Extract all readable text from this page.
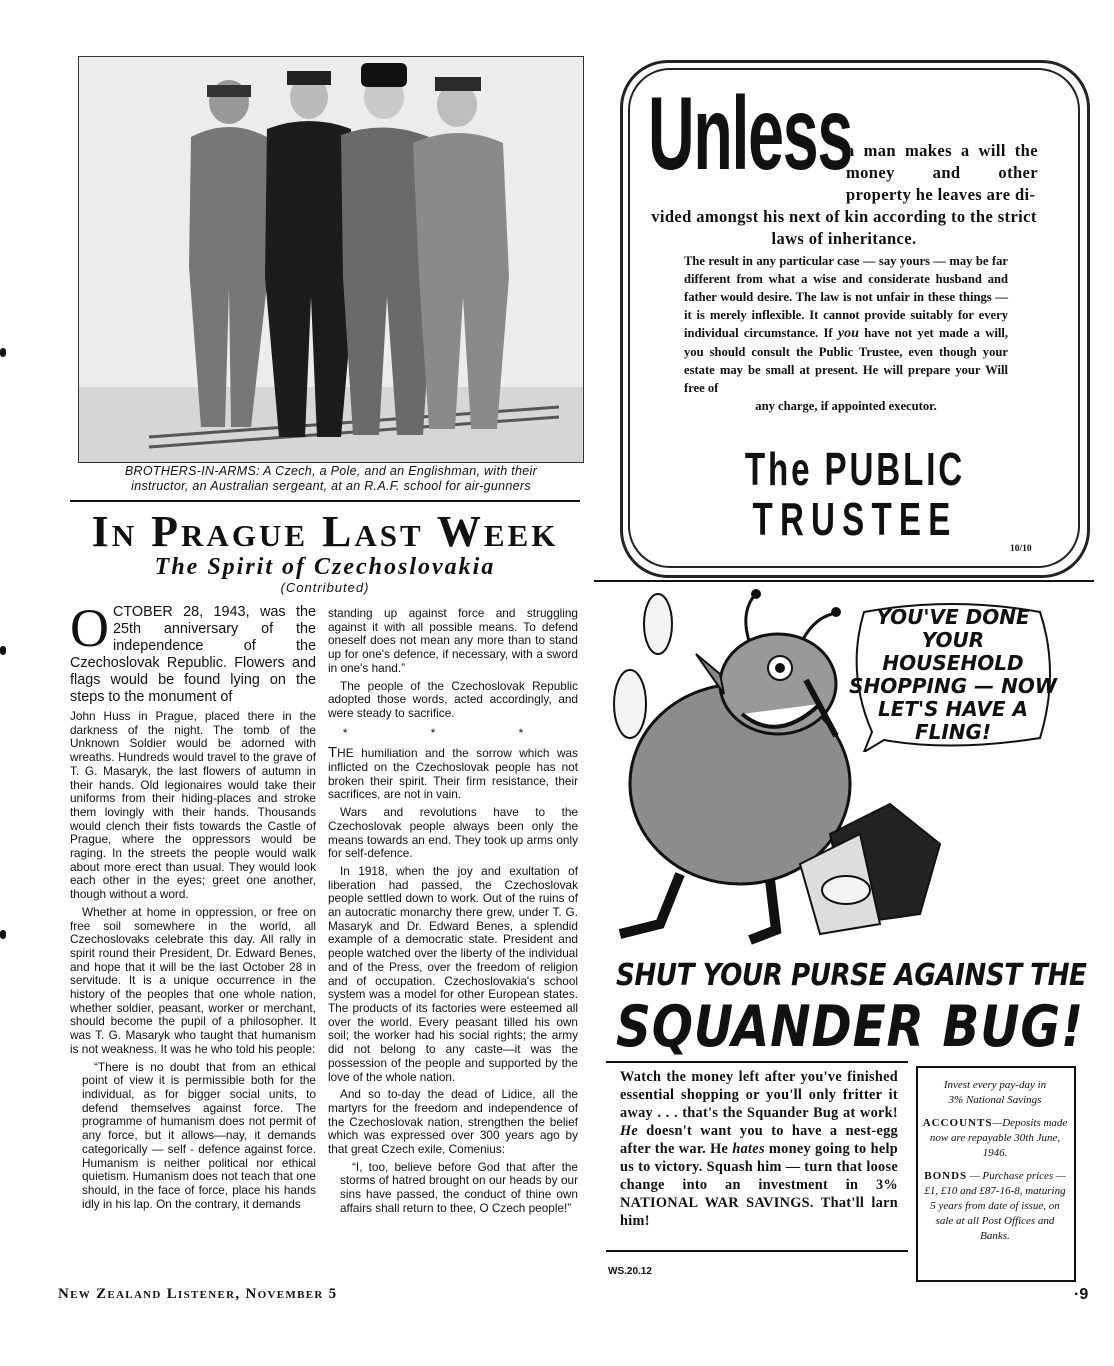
BROTHERS-IN-ARMS: A Czech, a Pole, and an Englishman, with their
instructor, an Australian sergeant, at an R.A.F. school for air-gunners
In Prague Last Week
The Spirit of Czechoslovakia
(Contributed)

OCTOBER 28, 1943, was the 25th anniversary of the independence of the Czechoslovak Republic. Flowers and flags would be found lying on the steps to the monument of

John Huss in Prague, placed there in the darkness of the night. The tomb of the Unknown Soldier would be adorned with wreaths. Hundreds would travel to the grave of T. G. Masaryk, the last flowers of autumn in their hands. Old legionaires would take their uniforms from their hiding-places and stroke them lovingly with their hands. Thousands would clench their fists towards the Castle of Prague, where the oppressors would be raging. In the streets the people would walk about more erect than usual. They would look each other in the eyes; greet one another, though without a word.

Whether at home in oppression, or free on free soil somewhere in the world, all Czechoslovaks celebrate this day. All rally in spirit round their President, Dr. Edward Benes, and hope that it will be the last October 28 in servitude. It is a unique occurrence in the history of the peoples that one whole nation, whether soldier, peasant, worker or merchant, should become the pupil of a philosopher. It was T. G. Masaryk who taught that humanism is not weakness. It was he who told his people:

“There is no doubt that from an ethical point of view it is permissible both for the individual, as for bigger social units, to defend themselves against force. The programme of humanism does not permit of any force, but it allows—nay, it demands categorically — self - defence against force. Humanism is neither political nor ethical quietism. Humanism does not teach that one should, in the face of force, place his hands idly in his lap. On the contrary, it demands

standing up against force and struggling against it with all possible means. To defend oneself does not mean any more than to stand up for one's defence, if necessary, with a sword in one's hand.”

The people of the Czechoslovak Republic adopted those words, acted accordingly, and were steady to sacrifice.

* * *

THE humiliation and the sorrow which was inflicted on the Czechoslovak people has not broken their spirit. Their firm resistance, their sacrifices, are not in vain.

Wars and revolutions have to the Czechoslovak people always been only the means towards an end. They took up arms only for self-defence.

In 1918, when the joy and exultation of liberation had passed, the Czechoslovak people settled down to work. Out of the ruins of an autocratic monarchy there grew, under T. G. Masaryk and Dr. Edward Benes, a splendid example of a democratic state. President and people watched over the liberty of the individual and of the Press, over the freedom of religion and of occupation. Czechoslovakia's school system was a model for other European states. The products of its factories were esteemed all over the world. Every peasant tilled his own soil; the worker had his social rights; the army did not belong to any caste—it was the possession of the people and supported by the love of the whole nation.

And so to-day the dead of Lidice, all the martyrs for the freedom and independence of the Czechoslovak nation, strengthen the belief which was expressed over 300 years ago by that great Czech exile, Comenius:

“I, too, believe before God that after the storms of hatred brought on our heads by our sins have passed, the conduct of thine own affairs shall return to thee, O Czech people!”

New Zealand Listener, November 5	·9
Unless
a man makes a will the money and other property he leaves are di-
vided amongst his next of kin according to the strict laws of inheritance.
The result in any particular case — say yours — may be far different from what a wise and considerate husband and father would desire. The law is not unfair in these things — it is merely inflexible. It cannot provide suitably for every individual circumstance. If you have not yet made a will, you should consult the Public Trustee, even though your estate may be small at present. He will prepare your Will free of
any charge, if appointed executor.
The PUBLIC
TRUSTEE
10/10
YOU'VE DONE YOUR HOUSEHOLD SHOPPING — NOW LET'S HAVE A FLING!
SHUT YOUR PURSE AGAINST THE
SQUANDER BUG!
Watch the money left after you've finished essential shopping or you'll only fritter it away . . . that's the Squander Bug at work! He doesn't want you to have a nest-egg after the war. He hates money going to help us to victory. Squash him — turn that loose change into an investment in 3% NATIONAL WAR SAVINGS. That'll larn him!
WS.20.12

Invest every pay-day in
3% National Savings

ACCOUNTS—Deposits made now are repayable 30th June, 1946.

BONDS — Purchase prices — £1, £10 and £87-16-8, maturing 5 years from date of issue, on sale at all Post Offices and Banks.
